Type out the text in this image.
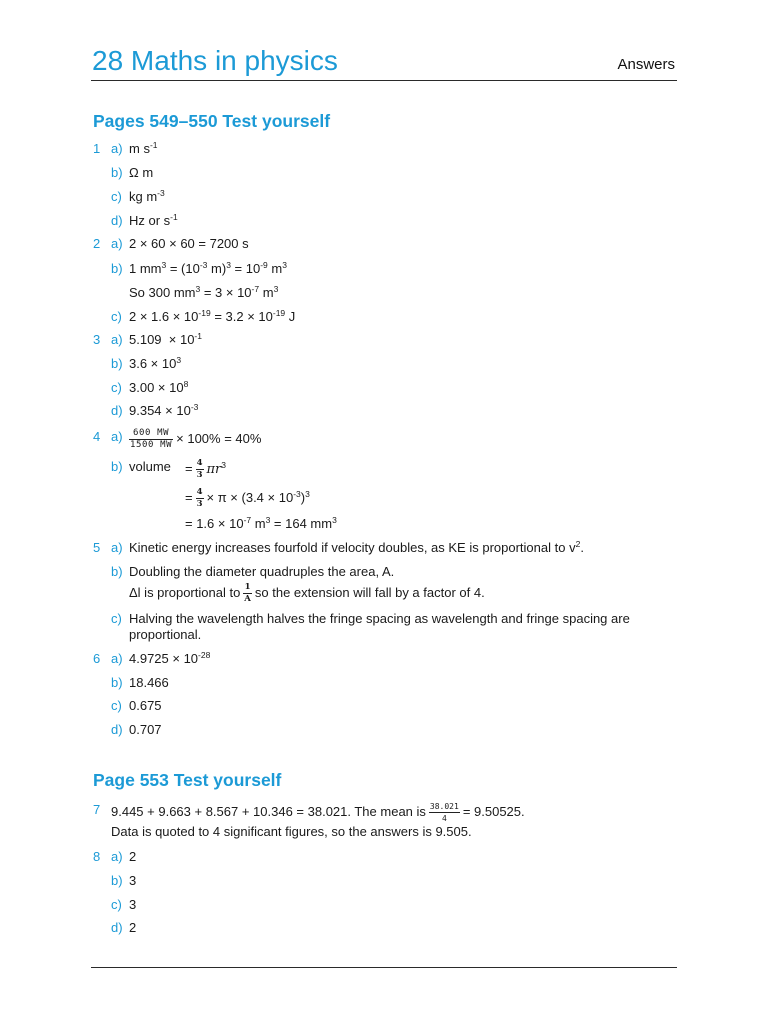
28 Maths in physics	Answers
Pages 549–550 Test yourself
1 a) m $s^{-1}$
b) Ω m
c) kg $m^{-3}$
d) Hz or $s^{-1}$
2 a) 2 × 60 × 60 = 7200 s
b) 1 $mm^3 = (10^{-3}$ $m)^3 = 10^{-9}$ $m^3$
So 300 $mm^3 = 3 \times 10^{-7}$ $m^3$
c) $2 \times 1.6 \times 10^{-19} = 3.2 \times 10^{-19}$ J
3 a) $5.109 \times 10^{-1}$
b) $3.6 \times 10^3$
c) $3.00 \times 10^8$
d) $9.354 \times 10^{-3}$
4 $a) \frac{600 MW}{1500 MW} \times 100\% = 40\%$
b) volume = $\frac{4}{3} \pi r^3$
= $\frac{4}{3} \times \pi \times (3.4 \times 10^{-3})^3$
= $1.6 \times 10^{-7}$ $m^3 = 164$ $mm^3$
5 a) Kinetic energy increases fourfold if velocity doubles, as KE is proportional to $v^2$.
b) Doubling the diameter quadruples the area, A.
Δl is proportional to $\frac{1}{A}$ so the extension will fall by a factor of 4.
c) Halving the wavelength halves the fringe spacing as wavelength and fringe spacing are proportional.
6 a) $4.9725 \times 10^{-28}$
b) 18.466
c) 0.675
d) 0.707
Page 553 Test yourself
7 9.445 + 9.663 + 8.567 + 10.346 = 38.021. The mean is $\frac{38.021}{4} = 9.50525$.
Data is quoted to 4 significant figures, so the answers is 9.505.
8 a) 2
b) 3
c) 3
d) 2
